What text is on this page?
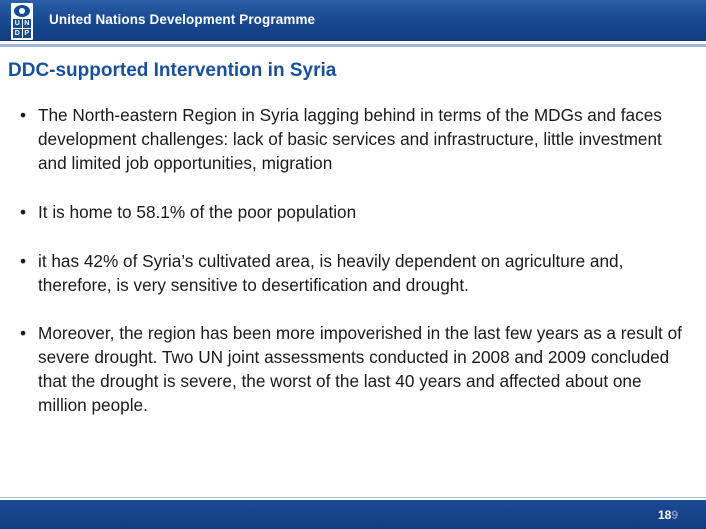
U N
D P
United Nations Development Programme
DDC-supported Intervention in Syria
• The North-eastern Region in Syria lagging behind in terms of the MDGs and faces development challenges: lack of basic services and infrastructure, little investment and limited job opportunities, migration
• It is home to 58.1% of the poor population
• it has 42% of Syria’s cultivated area, is heavily dependent on agriculture and, therefore, is very sensitive to desertification and drought.
• Moreover, the region has been more impoverished in the last few years as a result of severe drought. Two UN joint assessments conducted in 2008 and 2009 concluded that the drought is severe, the worst of the last 40 years and affected about one million people.
189
